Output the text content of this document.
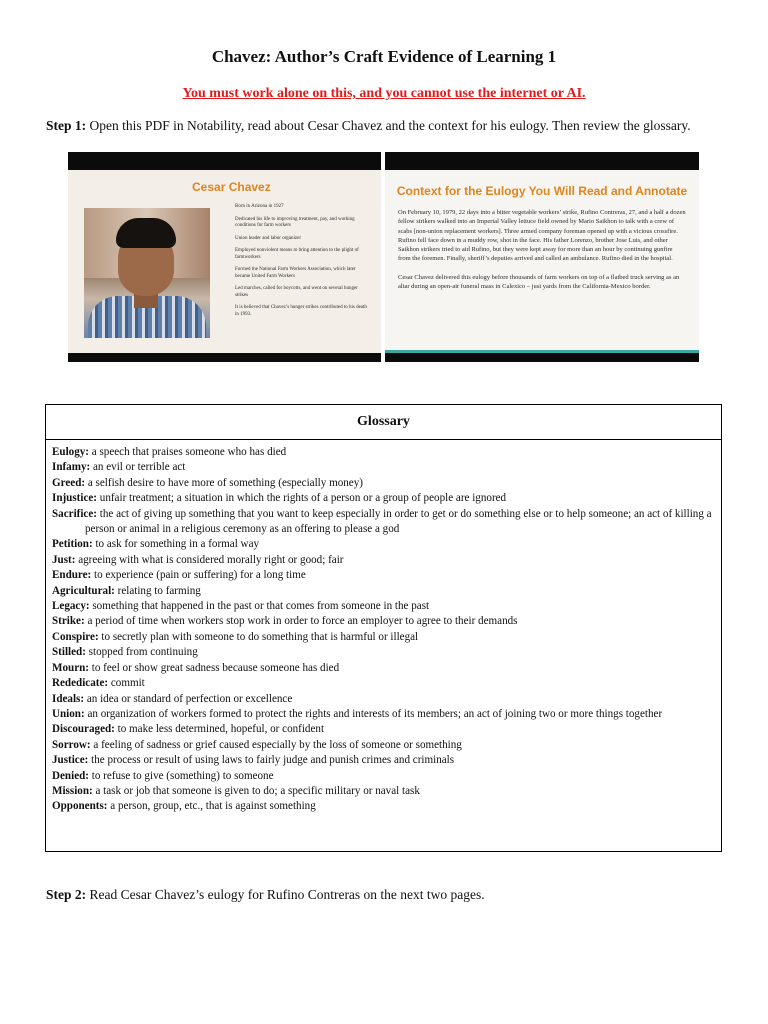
Chavez: Author’s Craft Evidence of Learning 1
You must work alone on this, and you cannot use the internet or AI.
Step 1: Open this PDF in Notability, read about Cesar Chavez and the context for his eulogy. Then review the glossary.
Cesar Chavez
Born in Arizona in 1927
Dedicated his life to improving treatment, pay, and working conditions for farm workers
Union leader and labor organizer
Employed nonviolent means to bring attention to the plight of farmworkers
Formed the National Farm Workers Association, which later became United Farm Workers
Led marches, called for boycotts, and went on several hunger strikes
It is believed that Chavez’s hunger strikes contributed to his death in 1993.
Context for the Eulogy You Will Read and Annotate

On February 10, 1979, 22 days into a bitter vegetable workers’ strike, Rufino Contreras, 27, and a half a dozen fellow strikers walked into an Imperial Valley lettuce field owned by Mario Saikhon to talk with a crew of scabs [non-union replacement workers]. Three armed company foreman opened up with a vicious crossfire. Rufino fell face down in a muddy row, shot in the face. His father Lorenzo, brother Jose Luis, and other Saikhon strikers tried to aid Rufino, but they were kept away for more than an hour by continuing gunfire from the foremen. Finally, sheriff’s deputies arrived and called an ambulance. Rufino died in the hospital.

Cesar Chavez delivered this eulogy before thousands of farm workers on top of a flatbed truck serving as an altar during an open-air funeral mass in Calexico – just yards from the California-Mexico border.

Glossary
Eulogy: a speech that praises someone who has died
Infamy: an evil or terrible act
Greed: a selfish desire to have more of something (especially money)
Injustice: unfair treatment; a situation in which the rights of a person or a group of people are ignored
Sacrifice: the act of giving up something that you want to keep especially in order to get or do something else or to help someone; an act of killing a person or animal in a religious ceremony as an offering to please a god
Petition: to ask for something in a formal way
Just: agreeing with what is considered morally right or good; fair
Endure: to experience (pain or suffering) for a long time
Agricultural: relating to farming
Legacy: something that happened in the past or that comes from someone in the past
Strike: a period of time when workers stop work in order to force an employer to agree to their demands
Conspire: to secretly plan with someone to do something that is harmful or illegal
Stilled: stopped from continuing
Mourn: to feel or show great sadness because someone has died
Rededicate: commit
Ideals: an idea or standard of perfection or excellence
Union: an organization of workers formed to protect the rights and interests of its members; an act of joining two or more things together
Discouraged: to make less determined, hopeful, or confident
Sorrow: a feeling of sadness or grief caused especially by the loss of someone or something
Justice: the process or result of using laws to fairly judge and punish crimes and criminals
Denied: to refuse to give (something) to someone
Mission: a task or job that someone is given to do; a specific military or naval task
Opponents: a person, group, etc., that is against something
Step 2: Read Cesar Chavez’s eulogy for Rufino Contreras on the next two pages.
